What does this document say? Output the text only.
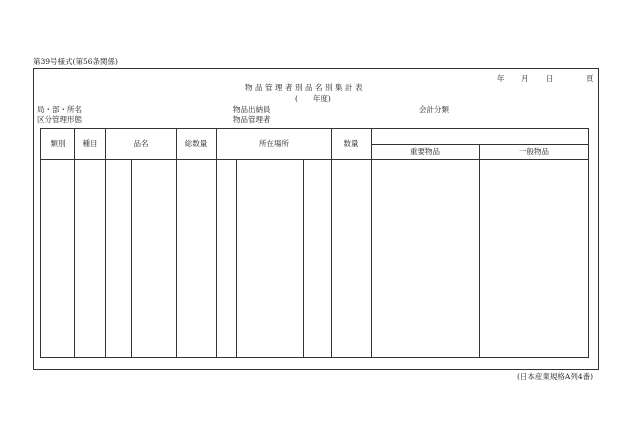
第39号様式(第56条関係)
年 月 日	頁
物品管理者別品名別集計表
(　　年度)
局・部・所名
区分管理形態
物品出納員
物品管理者
会計分類
類別 種目	品名	総数量	所在場所	数量
重要物品	一般物品
(日本産業規格A列4番)
